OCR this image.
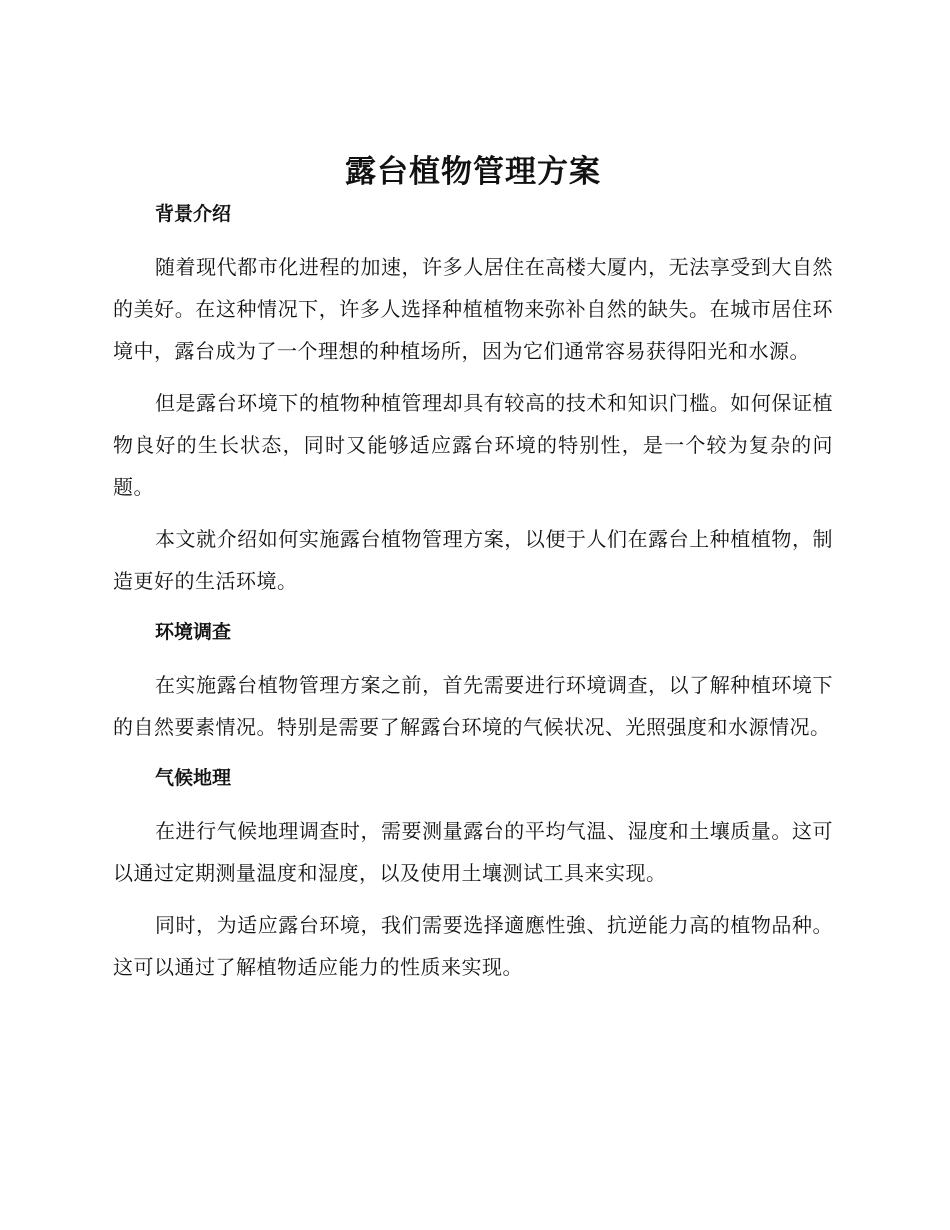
露台植物管理方案
背景介绍

随着现代都市化进程的加速，许多人居住在高楼大厦内，无法享受到大自然的美好。在这种情况下，许多人选择种植植物来弥补自然的缺失。在城市居住环境中，露台成为了一个理想的种植场所，因为它们通常容易获得阳光和水源。

但是露台环境下的植物种植管理却具有较高的技术和知识门槛。如何保证植物良好的生长状态，同时又能够适应露台环境的特别性，是一个较为复杂的问题。

本文就介绍如何实施露台植物管理方案，以便于人们在露台上种植植物，制造更好的生活环境。

环境调查

在实施露台植物管理方案之前，首先需要进行环境调查，以了解种植环境下的自然要素情况。特别是需要了解露台环境的气候状况、光照强度和水源情况。

气候地理

在进行气候地理调查时，需要测量露台的平均气温、湿度和土壤质量。这可以通过定期测量温度和湿度，以及使用土壤测试工具来实现。

同时，为适应露台环境，我们需要选择適應性強、抗逆能力高的植物品种。这可以通过了解植物适应能力的性质来实现。
